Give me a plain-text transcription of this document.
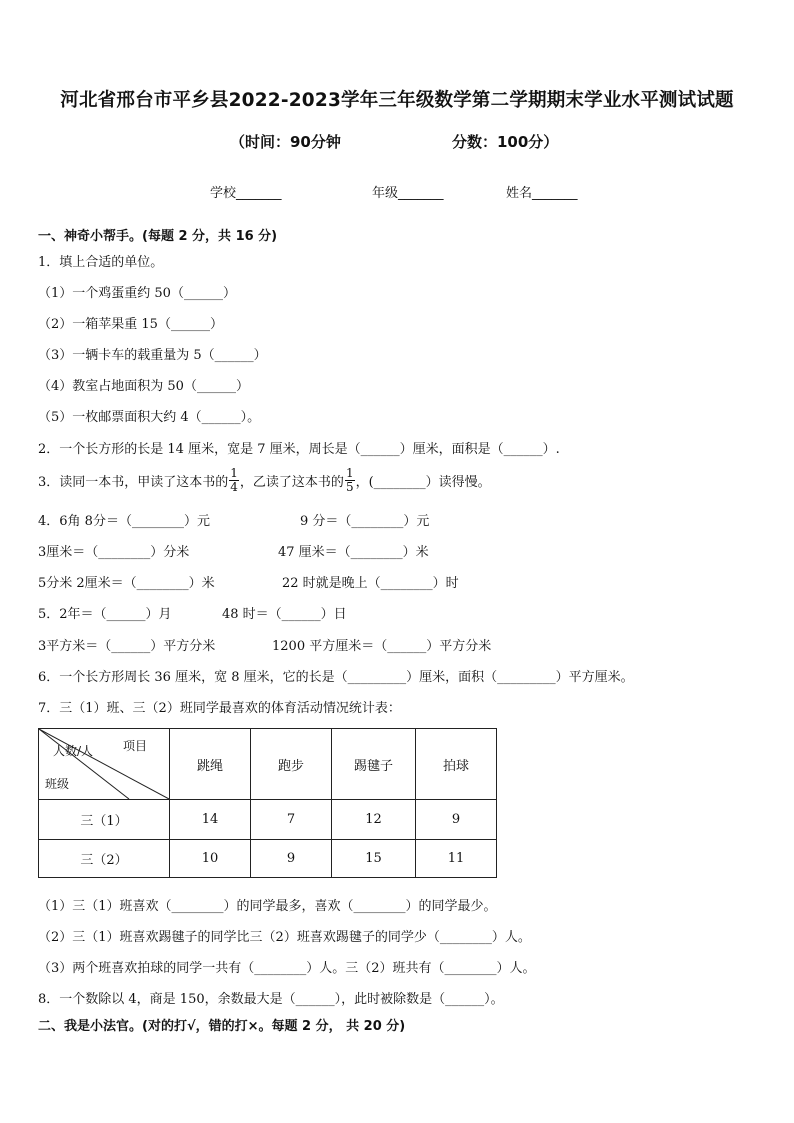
河北省邢台市平乡县2022-2023学年三年级数学第二学期期末学业水平测试试题
（时间：90分钟	分数：100分）
学校_______	年级_______	姓名_______
一、神奇小帮手。(每题 2 分，共 16 分)
1．填上合适的单位。
（1）一个鸡蛋重约 50（______）
（2）一箱苹果重 15（______）
（3）一辆卡车的载重量为 5（______）
（4）教室占地面积为 50（______）
（5）一枚邮票面积大约 4（______）。
2．一个长方形的长是 14 厘米，宽是 7 厘米，周长是（______）厘米，面积是（______）.
3．读同一本书，甲读了这本书的 $\frac{1}{4}$ ，乙读了这本书的 $\frac{1}{5}$ ，(________）读得慢。
4．6角 8分＝（________）元	9 分＝（________）元
3厘米＝（________）分米	47 厘米＝（________）米
5分米 2厘米＝（________）米	22 时就是晚上（________）时
5．2年＝（______）月	48 时＝（______）日
3平方米＝（______）平方分米	1200 平方厘米＝（______）平方分米
6．一个长方形周长 36 厘米，宽 8 厘米，它的长是（_________）厘米，面积（_________）平方厘米。
7．三（1）班、三（2）班同学最喜欢的体育活动情况统计表：
项目
人数/人
班级	跳绳	跑步	踢毽子	拍球
三（1）	14	7	12	9
三（2）	10	9	15	11
（1）三（1）班喜欢（________）的同学最多，喜欢（________）的同学最少。
（2）三（1）班喜欢踢毽子的同学比三（2）班喜欢踢毽子的同学少（________）人。
（3）两个班喜欢拍球的同学一共有（________）人。三（2）班共有（________）人。
8．一个数除以 4，商是 150，余数最大是（______），此时被除数是（______）。
二、我是小法官。(对的打√，错的打×。每题 2 分， 共 20 分)
